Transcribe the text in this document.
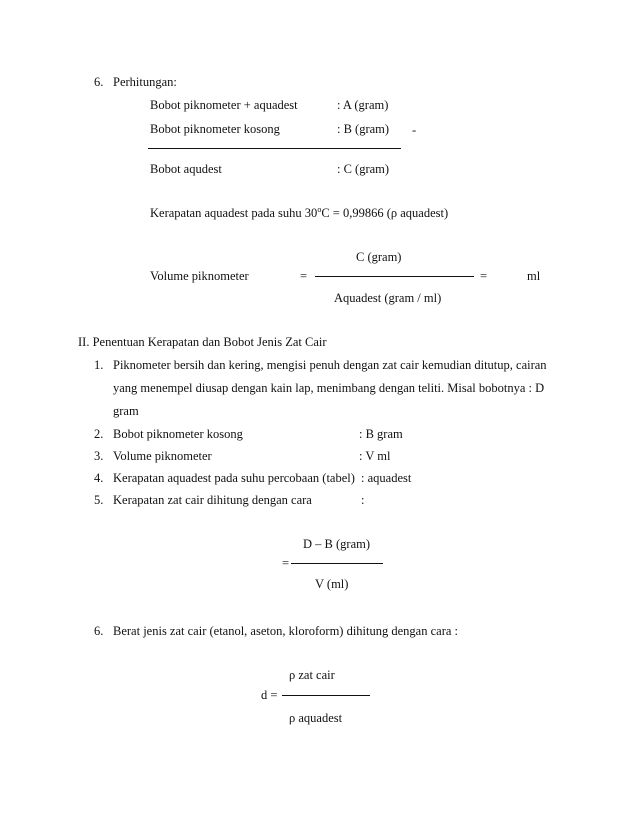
6. Perhitungan:
Bobot piknometer + aquadest	: A (gram)
Bobot piknometer kosong	: B (gram) -
Bobot aqudest	: C (gram)
Kerapatan aquadest pada suhu $30^oC = 0,99866$ (ρ aquadest)
C (gram)
Volume piknometer	=	=	ml
Aquadest (gram / ml)
II. Penentuan Kerapatan dan Bobot Jenis Zat Cair
1. Piknometer bersih dan kering, mengisi penuh dengan zat cair kemudian ditutup, cairan
yang menempel diusap dengan kain lap, menimbang dengan teliti. Misal bobotnya : D
gram
2. Bobot piknometer kosong	: B gram
3. Volume piknometer	: V ml
4. Kerapatan aquadest pada suhu percobaan (tabel) : aquadest
5. Kerapatan zat cair dihitung dengan cara	:
D – B (gram)
=
V (ml)
6. Berat jenis zat cair (etanol, aseton, kloroform) dihitung dengan cara :
ρ zat cair
d =
ρ aquadest
